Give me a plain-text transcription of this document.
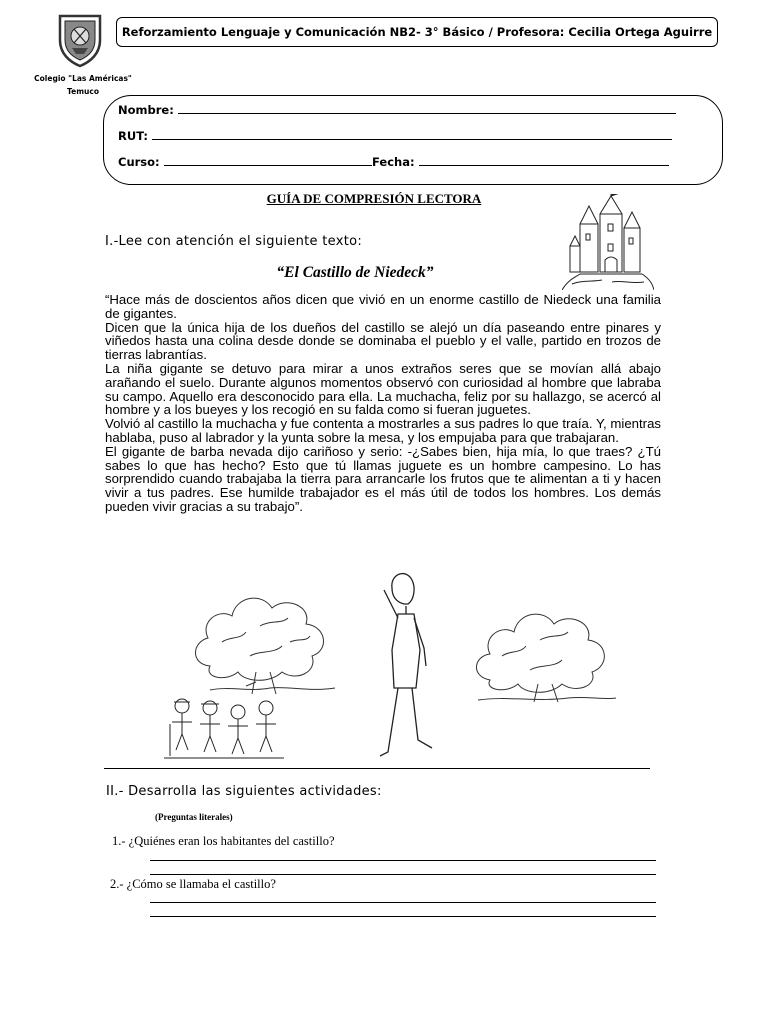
Reforzamiento Lenguaje y Comunicación NB2- 3° Básico / Profesora: Cecilia Ortega Aguirre
Colegio "Las Américas"
Temuco
Nombre:
RUT:
Curso:	Fecha:
GUÍA DE COMPRESIÓN LECTORA
I.-Lee con atención el siguiente texto:
“El Castillo de Niedeck”

“Hace más de doscientos años dicen que vivió en un enorme castillo de Niedeck una familia de gigantes.

Dicen que la única hija de los dueños del castillo se alejó un día paseando entre pinares y viñedos hasta una colina desde donde se dominaba el pueblo y el valle, partido en trozos de tierras labrantías.

La niña gigante se detuvo para mirar a unos extraños seres que se movían allá abajo arañando el suelo. Durante algunos momentos observó con curiosidad al hombre que labraba su campo. Aquello era desconocido para ella. La muchacha, feliz por su hallazgo, se acercó al hombre y a los bueyes y los recogió en su falda como si fueran juguetes.

Volvió al castillo la muchacha y fue contenta a mostrarles a sus padres lo que traía. Y, mientras hablaba, puso al labrador y la yunta sobre la mesa, y los empujaba para que trabajaran.

El gigante de barba nevada dijo cariñoso y serio: -¿Sabes bien, hija mía, lo que traes? ¿Tú sabes lo que has hecho? Esto que tú llamas juguete es un hombre campesino. Lo has sorprendido cuando trabajaba la tierra para arrancarle los frutos que te alimentan a ti y hacen vivir a tus padres. Ese humilde trabajador es el más útil de todos los hombres. Los demás pueden vivir gracias a su trabajo”.

II.- Desarrolla las siguientes actividades:
(Preguntas literales)
1.- ¿Quiénes eran los habitantes del castillo?
2.- ¿Cómo se llamaba el castillo?
